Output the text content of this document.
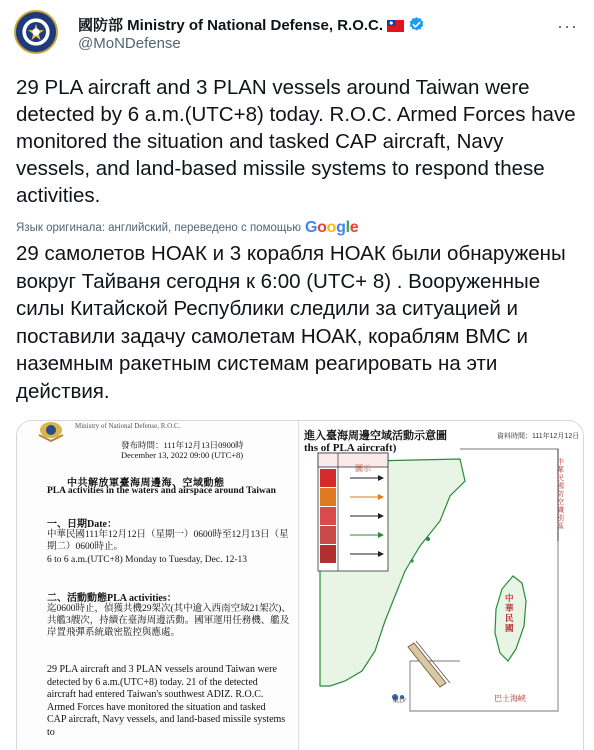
國防部 Ministry of National Defense, R.O.C.
@MoNDefense
···
29 PLA aircraft and 3 PLAN vessels around Taiwan were detected by 6 a.m.(UTC+8) today. R.O.C. Armed Forces have monitored the situation and tasked CAP aircraft, Navy vessels, and land-based missile systems to respond these activities.
Язык оригинала: английский, переведено с помощью Google
29 самолетов НОАК и 3 корабля НОАК были обнаружены вокруг Тайваня сегодня к 6:00 (UTC+ 8) . Вооруженные силы Китайской Республики следили за ситуацией и поставили задачу самолетам НОАК, кораблям ВМС и наземным ракетным системам реагировать на эти действия.
Ministry of National Defense, R.O.C.
發布時間：111年12月13日0900時
December 13, 2022 09:00 (UTC+8)
中共解放軍臺海周邊海、空域動態
PLA activities in the waters and airspace around Taiwan
一、日期Date：
中華民國111年12月12日（星期一）0600時至12月13日（星期二）0600時止。
6 to 6 a.m.(UTC+8) Monday to Tuesday, Dec. 12-13
二、活動動態PLA activities：
迄0600時止，偵獲共機29架次(其中逾入西南空域21架次)、共艦3艘次，持續在臺海周邊活動。國軍運用任務機、艦及岸置飛彈系統嚴密監控與應處。
29 PLA aircraft and 3 PLAN vessels around Taiwan were detected by 6 a.m.(UTC+8) today. 21 of the detected aircraft had entered Taiwan's southwest ADIZ. R.O.C. Armed Forces have monitored the situation and tasked CAP aircraft, Navy vessels, and land-based missile systems to
進入臺海周邊空域活動示意圖
ths of PLA aircraft)
資料時間：111年12月12日
圖示
中華民國防空識別區
中華民國
巴士海峽
東沙
